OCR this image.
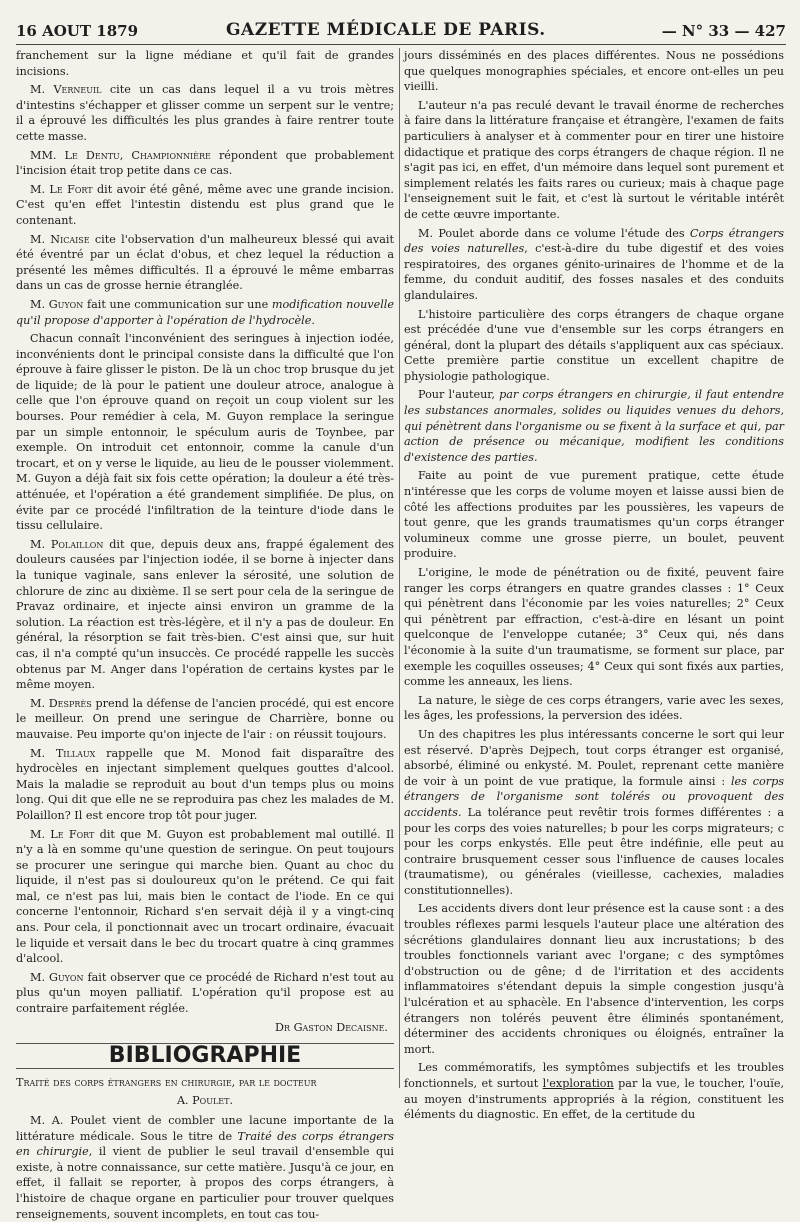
16 AOUT 1879	GAZETTE MÉDICALE DE PARIS.	— N° 33 — 427

franchement sur la ligne médiane et qu'il fait de grandes incisions.

M. Verneuil cite un cas dans lequel il a vu trois mètres d'intestins s'échapper et glisser comme un serpent sur le ventre; il a éprouvé les difficultés les plus grandes à faire rentrer toute cette masse.

MM. Le Dentu, Championnière répondent que probablement l'incision était trop petite dans ce cas.

M. Le Fort dit avoir été gêné, même avec une grande incision. C'est qu'en effet l'intestin distendu est plus grand que le contenant.

M. Nicaise cite l'observation d'un malheureux blessé qui avait été éventré par un éclat d'obus, et chez lequel la réduction a présenté les mêmes difficultés. Il a éprouvé le même embarras dans un cas de grosse hernie étranglée.

M. Guyon fait une communication sur une modification nouvelle qu'il propose d'apporter à l'opération de l'hydrocèle.

Chacun connaît l'inconvénient des seringues à injection iodée, inconvénients dont le principal consiste dans la difficulté que l'on éprouve à faire glisser le piston. De là un choc trop brusque du jet de liquide; de là pour le patient une douleur atroce, analogue à celle que l'on éprouve quand on reçoit un coup violent sur les bourses. Pour remédier à cela, M. Guyon remplace la seringue par un simple entonnoir, le spéculum auris de Toynbee, par exemple. On introduit cet entonnoir, comme la canule d'un trocart, et on y verse le liquide, au lieu de le pousser violemment. M. Guyon a déjà fait six fois cette opération; la douleur a été très-atténuée, et l'opération a été grandement simplifiée. De plus, on évite par ce procédé l'infiltration de la teinture d'iode dans le tissu cellulaire.

M. Polaillon dit que, depuis deux ans, frappé également des douleurs causées par l'injection iodée, il se borne à injecter dans la tunique vaginale, sans enlever la sérosité, une solution de chlorure de zinc au dixième. Il se sert pour cela de la seringue de Pravaz ordinaire, et injecte ainsi environ un gramme de la solution. La réaction est très-légère, et il n'y a pas de douleur. En général, la résorption se fait très-bien. C'est ainsi que, sur huit cas, il n'a compté qu'un insuccès. Ce procédé rappelle les succès obtenus par M. Anger dans l'opération de certains kystes par le même moyen.

M. Desprès prend la défense de l'ancien procédé, qui est encore le meilleur. On prend une seringue de Charrière, bonne ou mauvaise. Peu importe qu'on injecte de l'air : on réussit toujours.

M. Tillaux rappelle que M. Monod fait disparaître des hydrocèles en injectant simplement quelques gouttes d'alcool. Mais la maladie se reproduit au bout d'un temps plus ou moins long. Qui dit que elle ne se reproduira pas chez les malades de M. Polaillon? Il est encore trop tôt pour juger.

M. Le Fort dit que M. Guyon est probablement mal outillé. Il n'y a là en somme qu'une question de seringue. On peut toujours se procurer une seringue qui marche bien. Quant au choc du liquide, il n'est pas si douloureux qu'on le prétend. Ce qui fait mal, ce n'est pas lui, mais bien le contact de l'iode. En ce qui concerne l'entonnoir, Richard s'en servait déjà il y a vingt-cinq ans. Pour cela, il ponctionnait avec un trocart ordinaire, évacuait le liquide et versait dans le bec du trocart quatre à cinq grammes d'alcool.

M. Guyon fait observer que ce procédé de Richard n'est tout au plus qu'un moyen palliatif. L'opération qu'il propose est au contraire parfaitement réglée.

Dr Gaston Decaisne.
BIBLIOGRAPHIE

Traité des corps étrangers en chirurgie, par le docteur

A. Poulet.

M. A. Poulet vient de combler une lacune importante de la littérature médicale. Sous le titre de Traité des corps étrangers en chirurgie, il vient de publier le seul travail d'ensemble qui existe, à notre connaissance, sur cette matière. Jusqu'à ce jour, en effet, il fallait se reporter, à propos des corps étrangers, à l'histoire de chaque organe en particulier pour trouver quelques renseignements, souvent incomplets, en tout cas tou-

jours disséminés en des places différentes. Nous ne possédions que quelques monographies spéciales, et encore ont-elles un peu vieilli.

L'auteur n'a pas reculé devant le travail énorme de recherches à faire dans la littérature française et étrangère, l'examen de faits particuliers à analyser et à commenter pour en tirer une histoire didactique et pratique des corps étrangers de chaque région. Il ne s'agit pas ici, en effet, d'un mémoire dans lequel sont purement et simplement relatés les faits rares ou curieux; mais à chaque page l'enseignement suit le fait, et c'est là surtout le véritable intérêt de cette œuvre importante.

M. Poulet aborde dans ce volume l'étude des Corps étrangers des voies naturelles, c'est-à-dire du tube digestif et des voies respiratoires, des organes génito-urinaires de l'homme et de la femme, du conduit auditif, des fosses nasales et des conduits glandulaires.

L'histoire particulière des corps étrangers de chaque organe est précédée d'une vue d'ensemble sur les corps étrangers en général, dont la plupart des détails s'appliquent aux cas spéciaux. Cette première partie constitue un excellent chapitre de physiologie pathologique.

Pour l'auteur, par corps étrangers en chirurgie, il faut entendre les substances anormales, solides ou liquides venues du dehors, qui pénètrent dans l'organisme ou se fixent à la surface et qui, par action de présence ou mécanique, modifient les conditions d'existence des parties.

Faite au point de vue purement pratique, cette étude n'intéresse que les corps de volume moyen et laisse aussi bien de côté les affections produites par les poussières, les vapeurs de tout genre, que les grands traumatismes qu'un corps étranger volumineux comme une grosse pierre, un boulet, peuvent produire.

L'origine, le mode de pénétration ou de fixité, peuvent faire ranger les corps étrangers en quatre grandes classes : 1° Ceux qui pénètrent dans l'économie par les voies naturelles; 2° Ceux qui pénètrent par effraction, c'est-à-dire en lésant un point quelconque de l'enveloppe cutanée; 3° Ceux qui, nés dans l'économie à la suite d'un traumatisme, se forment sur place, par exemple les coquilles osseuses; 4° Ceux qui sont fixés aux parties, comme les anneaux, les liens.

La nature, le siège de ces corps étrangers, varie avec les sexes, les âges, les professions, la perversion des idées.

Un des chapitres les plus intéressants concerne le sort qui leur est réservé. D'après Dejpech, tout corps étranger est organisé, absorbé, éliminé ou enkysté. M. Poulet, reprenant cette manière de voir à un point de vue pratique, la formule ainsi : les corps étrangers de l'organisme sont tolérés ou provoquent des accidents. La tolérance peut revêtir trois formes différentes : a pour les corps des voies naturelles; b pour les corps migrateurs; c pour les corps enkystés. Elle peut être indéfinie, elle peut au contraire brusquement cesser sous l'influence de causes locales (traumatisme), ou générales (vieillesse, cachexies, maladies constitutionnelles).

Les accidents divers dont leur présence est la cause sont : a des troubles réflexes parmi lesquels l'auteur place une altération des sécrétions glandulaires donnant lieu aux incrustations; b des troubles fonctionnels variant avec l'organe; c des symptômes d'obstruction ou de gêne; d de l'irritation et des accidents inflammatoires s'étendant depuis la simple congestion jusqu'à l'ulcération et au sphacèle. En l'absence d'intervention, les corps étrangers non tolérés peuvent être éliminés spontanément, déterminer des accidents chroniques ou éloignés, entraîner la mort.

Les commémoratifs, les symptômes subjectifs et les troubles fonctionnels, et surtout l'exploration par la vue, le toucher, l'ouïe, au moyen d'instruments appropriés à la région, constituent les éléments du diagnostic. En effet, de la certitude du
